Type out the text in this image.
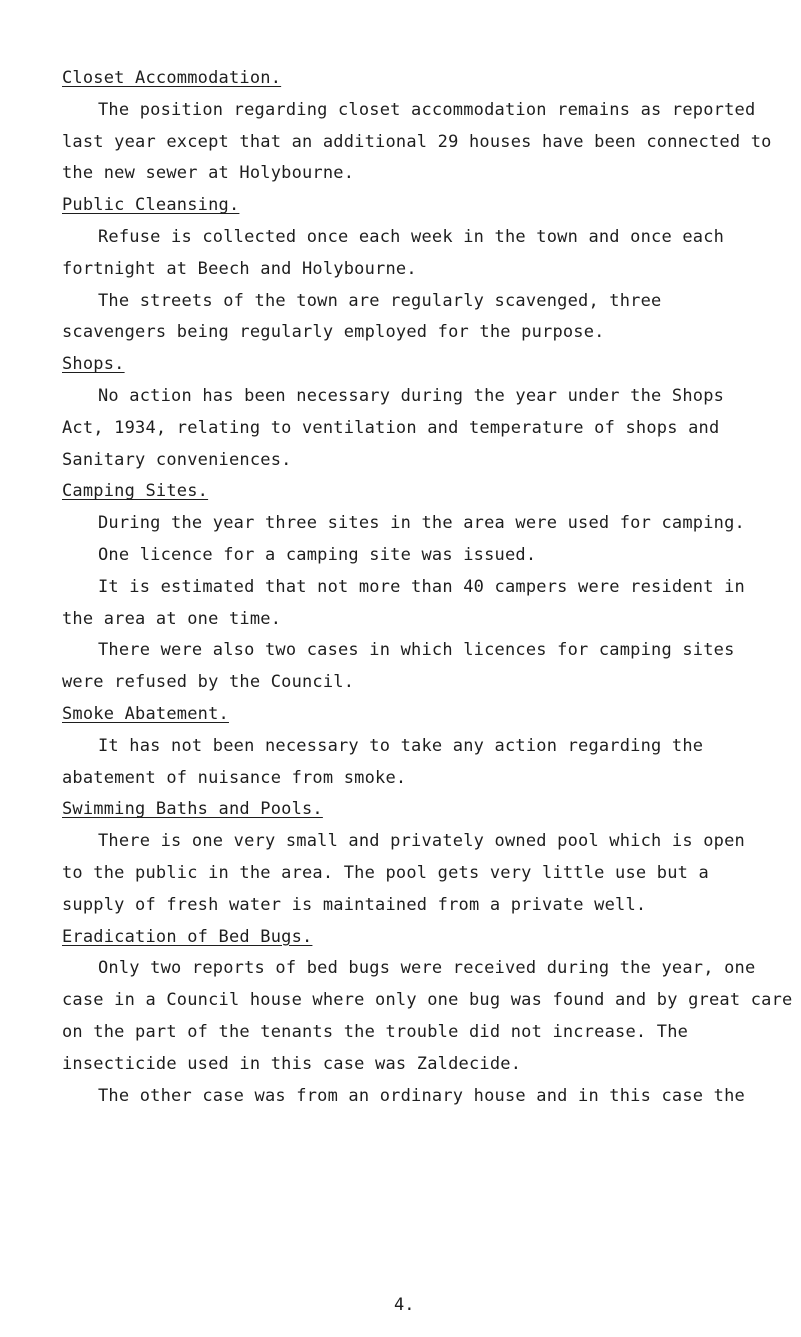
Closet Accommodation.
The position regarding closet accommodation remains as reported
last year except that an additional 29 houses have been connected to
the new sewer at Holybourne.
Public Cleansing.
Refuse is collected once each week in the town and once each
fortnight at Beech and Holybourne.
The streets of the town are regularly scavenged, three
scavengers being regularly employed for the purpose.
Shops.
No action has been necessary during the year under the Shops
Act, 1934, relating to ventilation and temperature of shops and
Sanitary conveniences.
Camping Sites.
During the year three sites in the area were used for camping.
One licence for a camping site was issued.
It is estimated that not more than 40 campers were resident in
the area at one time.
There were also two cases in which licences for camping sites
were refused by the Council.
Smoke Abatement.
It has not been necessary to take any action regarding the
abatement of nuisance from smoke.
Swimming Baths and Pools.
There is one very small and privately owned pool which is open
to the public in the area. The pool gets very little use but a
supply of fresh water is maintained from a private well.
Eradication of Bed Bugs.
Only two reports of bed bugs were received during the year, one
case in a Council house where only one bug was found and by great care
on the part of the tenants the trouble did not increase. The
insecticide used in this case was Zaldecide.
The other case was from an ordinary house and in this case the
4.
